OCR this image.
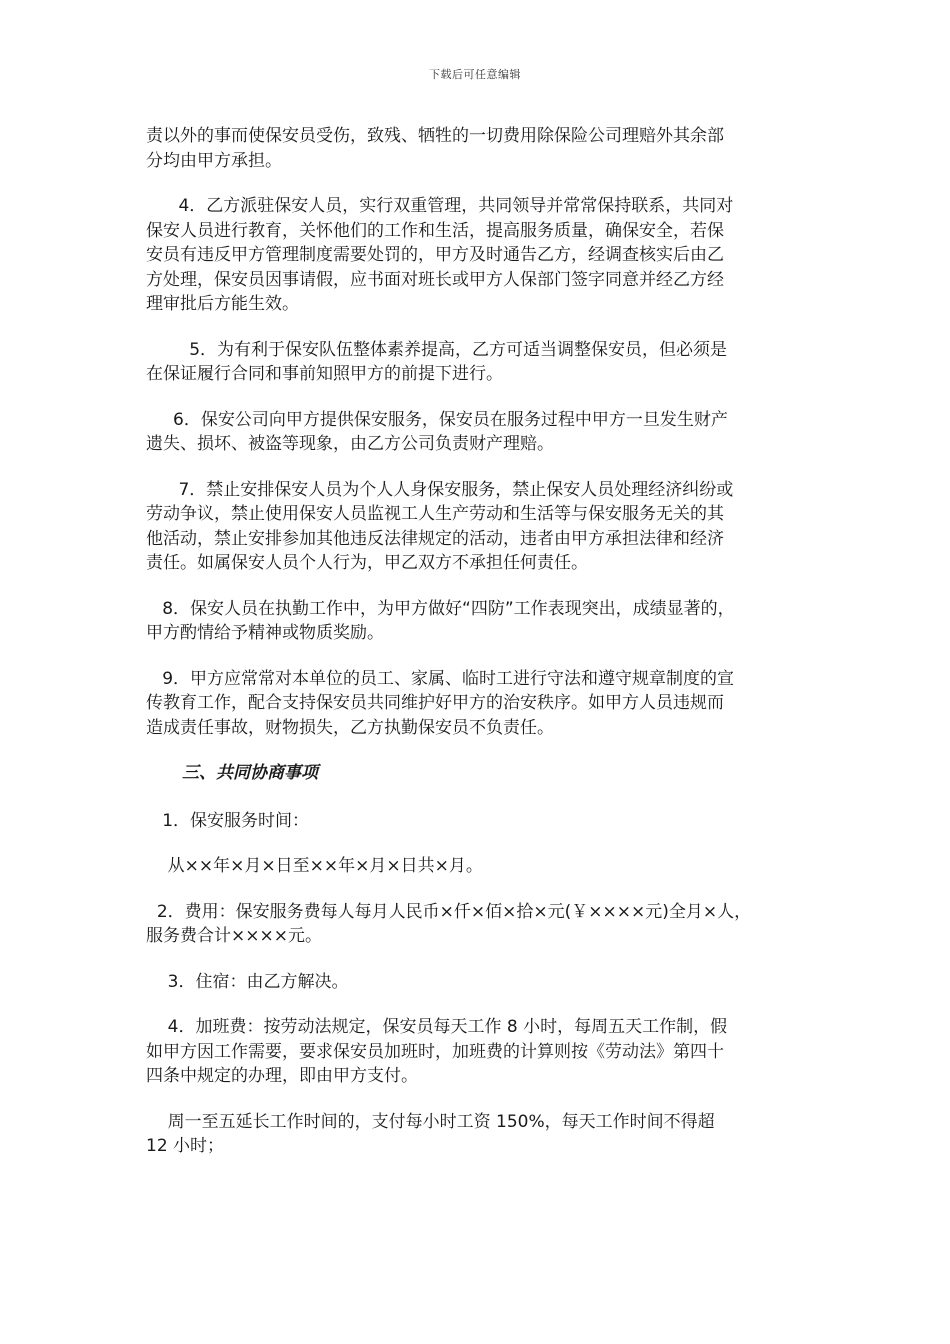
下载后可任意编辑

责以外的事而使保安员受伤，致残、牺牲的一切费用除保险公司理赔外其余部
分均由甲方承担。

4．乙方派驻保安人员，实行双重管理，共同领导并常常保持联系，共同对
保安人员进行教育，关怀他们的工作和生活，提高服务质量，确保安全，若保
安员有违反甲方管理制度需要处罚的，甲方及时通告乙方，经调查核实后由乙
方处理，保安员因事请假，应书面对班长或甲方人保部门签字同意并经乙方经
理审批后方能生效。

5．为有利于保安队伍整体素养提高，乙方可适当调整保安员，但必须是
在保证履行合同和事前知照甲方的前提下进行。

6．保安公司向甲方提供保安服务，保安员在服务过程中甲方一旦发生财产
遗失、损坏、被盗等现象，由乙方公司负责财产理赔。

7．禁止安排保安人员为个人人身保安服务，禁止保安人员处理经济纠纷或
劳动争议，禁止使用保安人员监视工人生产劳动和生活等与保安服务无关的其
他活动，禁止安排参加其他违反法律规定的活动，违者由甲方承担法律和经济
责任。如属保安人员个人行为，甲乙双方不承担任何责任。

8．保安人员在执勤工作中，为甲方做好“四防”工作表现突出，成绩显著的，
甲方酌情给予精神或物质奖励。

9．甲方应常常对本单位的员工、家属、临时工进行守法和遵守规章制度的宣
传教育工作，配合支持保安员共同维护好甲方的治安秩序。如甲方人员违规而
造成责任事故，财物损失，乙方执勤保安员不负责任。

三、共同协商事项

1．保安服务时间：

从××年×月×日至××年×月×日共×月。

2．费用：保安服务费每人每月人民币×仟×佰×拾×元(￥××××元)全月×人，
服务费合计××××元。

3．住宿：由乙方解决。

4．加班费：按劳动法规定，保安员每天工作 8 小时，每周五天工作制，假
如甲方因工作需要，要求保安员加班时，加班费的计算则按《劳动法》第四十
四条中规定的办理，即由甲方支付。

周一至五延长工作时间的，支付每小时工资 150%，每天工作时间不得超
12 小时；
